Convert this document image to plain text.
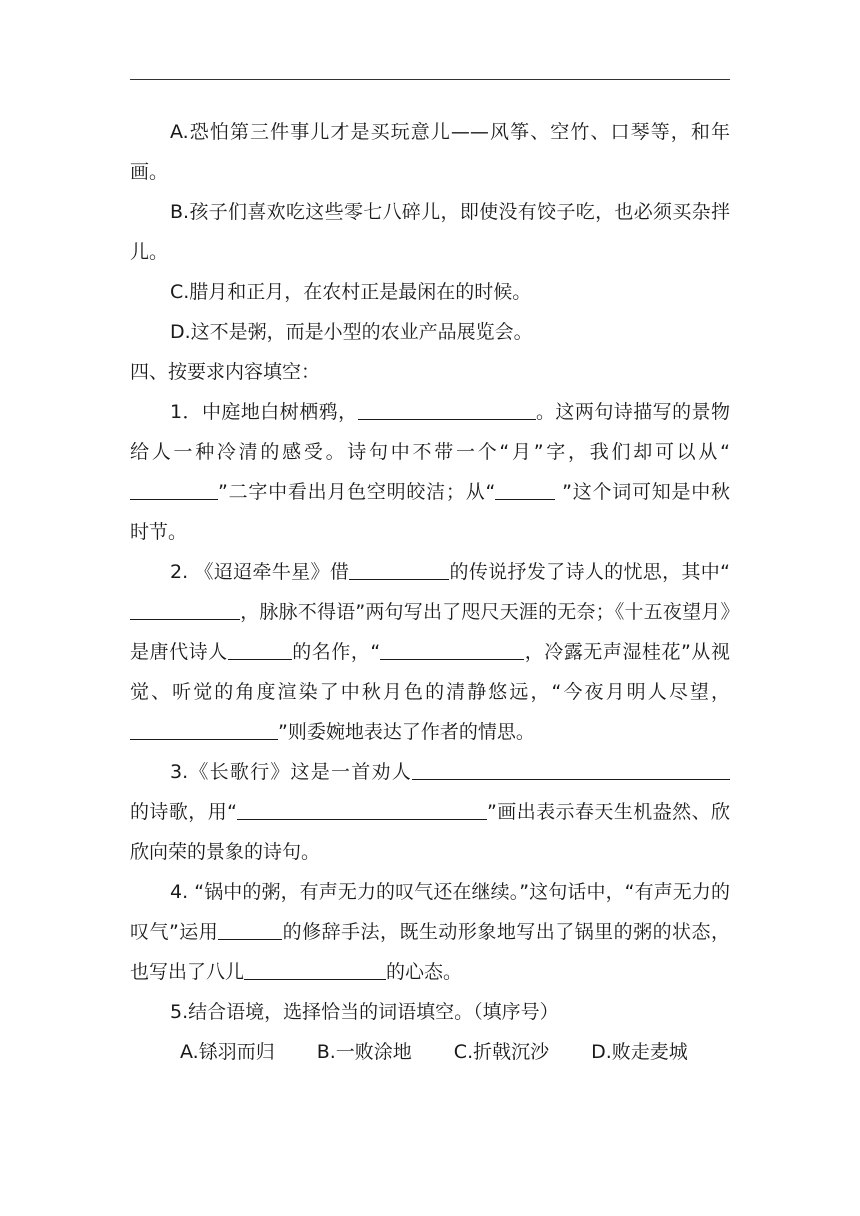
A.恐怕第三件事儿才是买玩意儿——风筝、空竹、口琴等，和年画。

B.孩子们喜欢吃这些零七八碎儿，即使没有饺子吃，也必须买杂拌儿。

C.腊月和正月，在农村正是最闲在的时候。

D.这不是粥，而是小型的农业产品展览会。

四、按要求内容填空：

1．中庭地白树栖鸦，	。这两句诗描写的景物给人一种冷清的感受。诗句中不带一个“月”字，我们却可以从“”二字中看出月色空明皎洁；从“	”这个词可知是中秋时节。

2. 《迢迢牵牛星》借	的传说抒发了诗人的忧思，其中“，脉脉不得语”两句写出了咫尺天涯的无奈；《十五夜望月》是唐代诗人	的名作，“	，冷露无声湿桂花”从视觉、听觉的角度渲染了中秋月色的清静悠远，“今夜月明人尽望，”则委婉地表达了作者的情思。

3.《长歌行》这是一首劝人的诗歌，用“	”画出表示春天生机盎然、欣欣向荣的景象的诗句。

4. “锅中的粥，有声无力的叹气还在继续。”这句话中，“有声无力的叹气”运用	的修辞手法，既生动形象地写出了锅里的粥的状态，也写出了八儿	的心态。

5.结合语境，选择恰当的词语填空。（填序号）

A.铩羽而归 B.一败涂地 C.折戟沉沙 D.败走麦城
